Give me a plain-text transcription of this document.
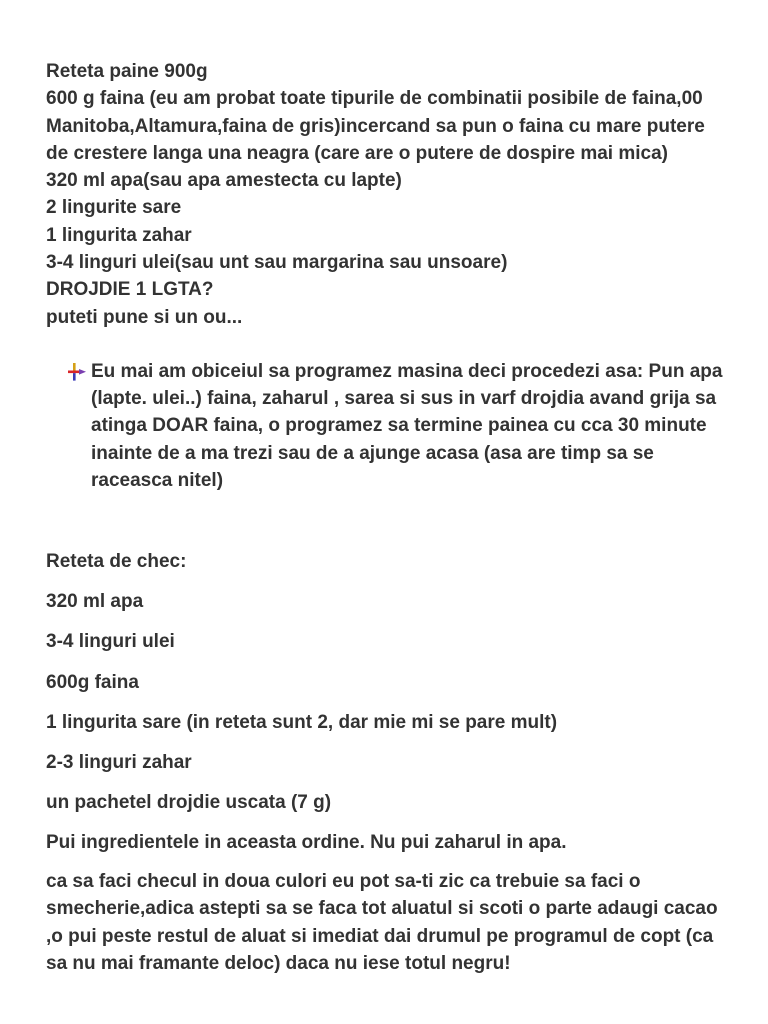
Reteta paine 900g
600 g faina (eu am probat toate tipurile de combinatii posibile de faina,00
Manitoba,Altamura,faina de gris)incercand sa pun o faina cu mare putere
de crestere langa una neagra (care are o putere de dospire mai mica)
320 ml apa(sau apa amestecta cu lapte)
2 lingurite sare
1 lingurita zahar
3-4 linguri ulei(sau unt sau margarina sau unsoare)
DROJDIE 1 LGTA?
puteti pune si un ou...
Eu mai am obiceiul sa programez masina deci procedezi asa: Pun apa
(lapte. ulei..) faina, zaharul , sarea si sus in varf drojdia avand grija sa
atinga DOAR faina, o programez sa termine painea cu cca 30 minute
inainte de a ma trezi sau de a ajunge acasa (asa are timp sa se
raceasca nitel)
Reteta de chec:
320 ml apa
3-4 linguri ulei
600g faina
1 lingurita sare (in reteta sunt 2, dar mie mi se pare mult)
2-3 linguri zahar
un pachetel drojdie uscata (7 g)
Pui ingredientele in aceasta ordine. Nu pui zaharul in apa.
ca sa faci checul in doua culori eu pot sa-ti zic ca trebuie sa faci o
smecherie,adica astepti sa se faca tot aluatul si scoti o parte adaugi cacao
,o pui peste restul de aluat si imediat dai drumul pe programul de copt (ca
sa nu mai framante deloc) daca nu iese totul negru!
